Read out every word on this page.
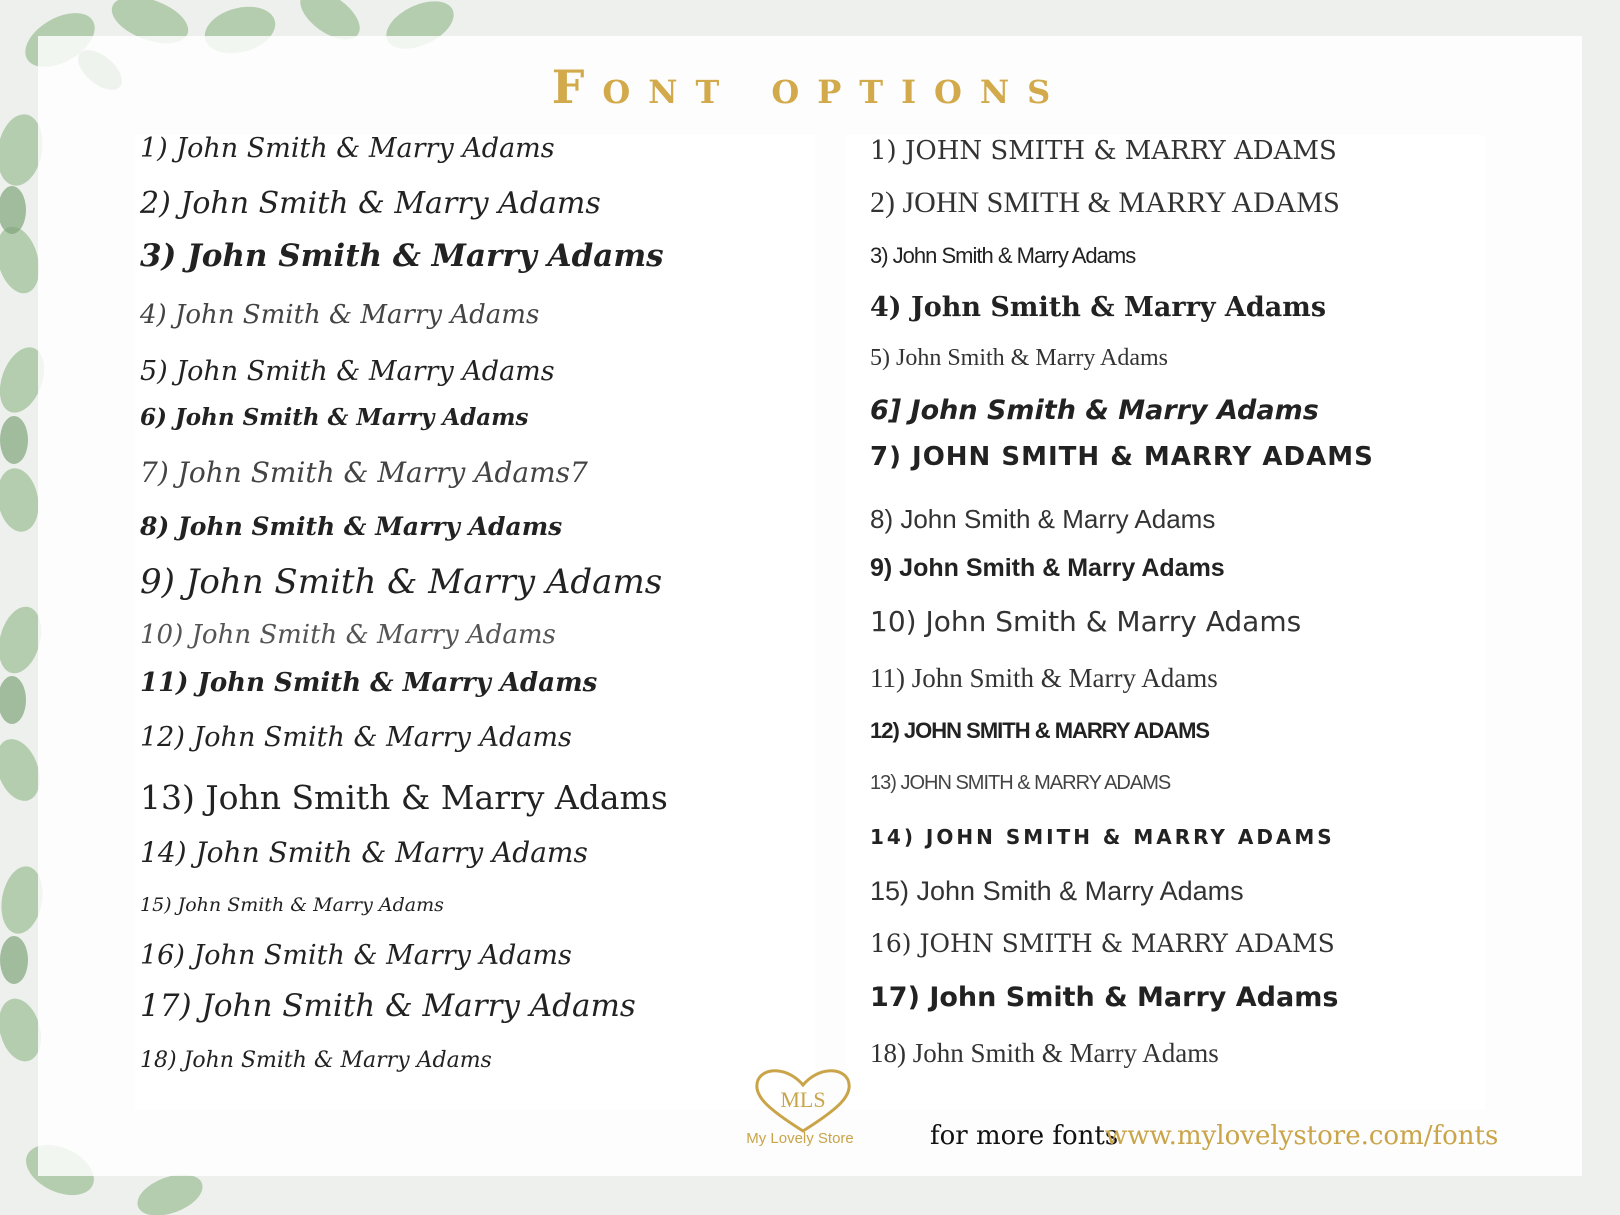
Font options
1) John Smith & Marry Adams
2) John Smith & Marry Adams
3) John Smith & Marry Adams
4) John Smith & Marry Adams
5) John Smith & Marry Adams
6) John Smith & Marry Adams
7) John Smith & Marry Adams7
8) John Smith & Marry Adams
9) John Smith & Marry Adams
10) John Smith & Marry Adams
11) John Smith & Marry Adams
12) John Smith & Marry Adams
13) John Smith & Marry Adams
14) John Smith & Marry Adams
15) John Smith & Marry Adams
16) John Smith & Marry Adams
17) John Smith & Marry Adams
18) John Smith & Marry Adams
1) JOHN SMITH & MARRY ADAMS
2) JOHN SMITH & MARRY ADAMS
3) John Smith & Marry Adams
4) John Smith & Marry Adams
5) John Smith & Marry Adams
6] John Smith & Marry Adams
7) JOHN SMITH & MARRY ADAMS
8) John Smith & Marry Adams
9) John Smith & Marry Adams
10) John Smith & Marry Adams
11) John Smith & Marry Adams
12) JOHN SMITH & MARRY ADAMS
13) JOHN SMITH & MARRY ADAMS
14) JOHN SMITH & MARRY ADAMS
15) John Smith & Marry Adams
16) JOHN SMITH & MARRY ADAMS
17) John Smith & Marry Adams
18) John Smith & Marry Adams
MLS
My Lovely Store	for more fonts
www.mylovelystore.com/fonts
